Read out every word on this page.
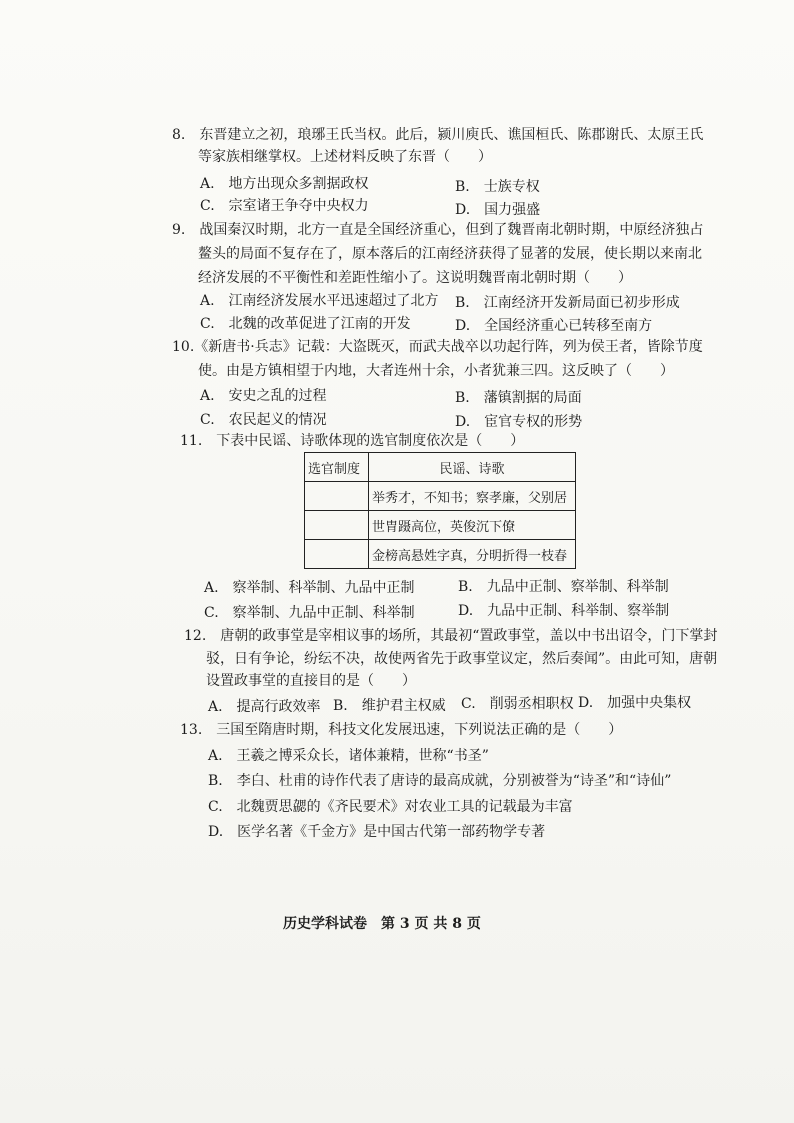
8.　东晋建立之初，琅琊王氏当权。此后，颍川庾氏、谯国桓氏、陈郡谢氏、太原王氏
等家族相继掌权。上述材料反映了东晋（　　）
A.　地方出现众多割据政权	B.　士族专权
C.　宗室诸王争夺中央权力	D.　国力强盛
9.　战国秦汉时期，北方一直是全国经济重心，但到了魏晋南北朝时期，中原经济独占
鳌头的局面不复存在了，原本落后的江南经济获得了显著的发展，使长期以来南北
经济发展的不平衡性和差距性缩小了。这说明魏晋南北朝时期（　　）
A.　江南经济发展水平迅速超过了北方 B.　江南经济开发新局面已初步形成
C.　北魏的改革促进了江南的开发	D.　全国经济重心已转移至南方
10.《新唐书·兵志》记载：大盗既灭，而武夫战卒以功起行阵，列为侯王者，皆除节度
使。由是方镇相望于内地，大者连州十余，小者犹兼三四。这反映了（　　）
A.　安史之乱的过程	B.　藩镇割据的局面
C.　农民起义的情况	D.　宦官专权的形势
11.　下表中民谣、诗歌体现的选官制度依次是（　　）
选官制度	民谣、诗歌
	举秀才，不知书；察孝廉，父别居
	世胄蹑高位，英俊沉下僚
	金榜高悬姓字真，分明折得一枝春
A.　察举制、科举制、九品中正制	B.　九品中正制、察举制、科举制
C.　察举制、九品中正制、科举制	D.　九品中正制、科举制、察举制
12.　唐朝的政事堂是宰相议事的场所，其最初“置政事堂，盖以中书出诏令，门下掌封
驳，日有争论，纷纭不决，故使两省先于政事堂议定，然后奏闻”。由此可知，唐朝
设置政事堂的直接目的是（　　）
A.　提高行政效率 B.　维护君主权威 C.　削弱丞相职权 D.　加强中央集权
13.　三国至隋唐时期，科技文化发展迅速，下列说法正确的是（　　）
A.　王羲之博采众长，诸体兼精，世称“书圣”
B.　李白、杜甫的诗作代表了唐诗的最高成就，分别被誉为“诗圣”和“诗仙”
C.　北魏贾思勰的《齐民要术》对农业工具的记载最为丰富
D.　医学名著《千金方》是中国古代第一部药物学专著
历史学科试卷　第 3 页 共 8 页
